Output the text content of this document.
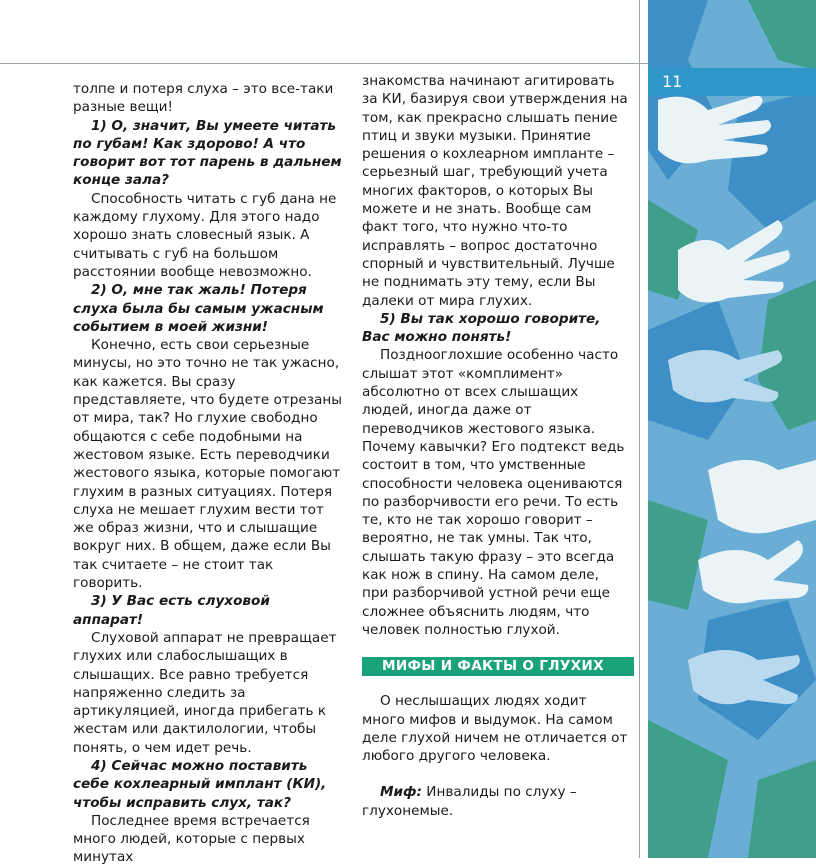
толпе и потеря слуха – это все-таки разные вещи!

1) О, значит, Вы умеете читать по губам! Как здорово! А что говорит вот тот парень в дальнем конце зала?

Способность читать с губ дана не каждому глухому. Для этого надо хорошо знать словесный язык. А считывать с губ на большом расстоянии вообще невозможно.

2) О, мне так жаль! Потеря слуха была бы самым ужасным событием в моей жизни!

Конечно, есть свои серьезные минусы, но это точно не так ужасно, как кажется. Вы сразу представляете, что будете отрезаны от мира, так? Но глухие свободно общаются с себе подобными на жестовом языке. Есть переводчики жестового языка, которые помогают глухим в разных ситуациях. Потеря слуха не мешает глухим вести тот же образ жизни, что и слышащие вокруг них. В общем, даже если Вы так считаете – не стоит так говорить.

3) У Вас есть слуховой аппарат!

Слуховой аппарат не превращает глухих или слабослышащих в слышащих. Все равно требуется напряженно следить за артикуляцией, иногда прибегать к жестам или дактилологии, чтобы понять, о чем идет речь.

4) Сейчас можно поставить себе кохлеарный имплант (КИ), чтобы исправить слух, так?

Последнее время встречается много людей, которые с первых минутах

знакомства начинают агитировать за КИ, базируя свои утверждения на том, как прекрасно слышать пение птиц и звуки музыки. Принятие решения о кохлеарном импланте – серьезный шаг, требующий учета многих факторов, о которых Вы можете и не знать. Вообще сам факт того, что нужно что-то исправлять – вопрос достаточно спорный и чувствительный. Лучше не поднимать эту тему, если Вы далеки от мира глухих.

5) Вы так хорошо говорите, Вас можно понять!

Позднооглохшие особенно часто слышат этот «комплимент» абсолютно от всех слышащих людей, иногда даже от переводчиков жестового языка. Почему кавычки? Его подтекст ведь состоит в том, что умственные способности человека оцениваются по разборчивости его речи. То есть те, кто не так хорошо говорит – вероятно, не так умны. Так что, слышать такую фразу – это всегда как нож в спину. На самом деле, при разборчивой устной речи еще сложнее объяснить людям, что человек полностью глухой.

МИФЫ И ФАКТЫ О ГЛУХИХ

О неслышащих людях ходит много мифов и выдумок. На самом деле глухой ничем не отличается от любого другого человека.

Миф: Инвалиды по слуху – глухонемые.

11
